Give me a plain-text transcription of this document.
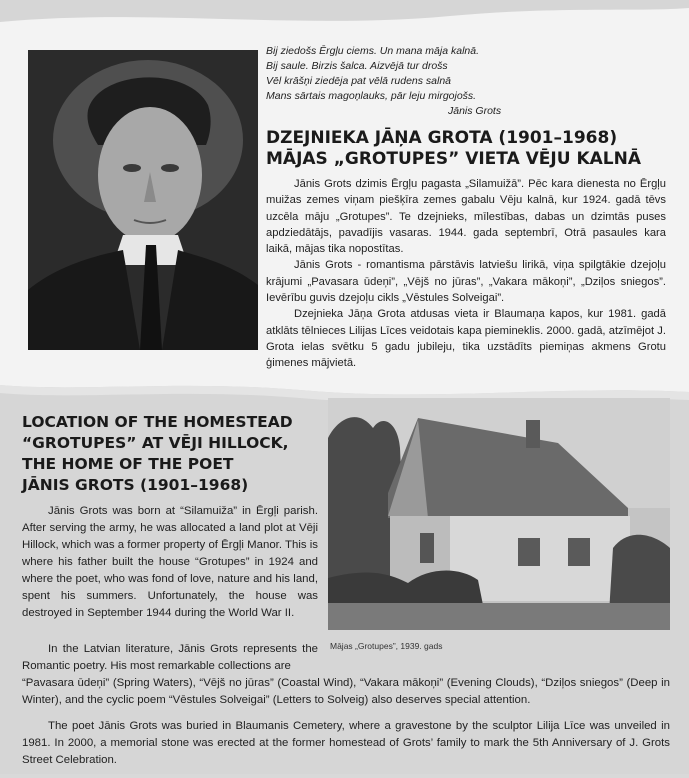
Bij ziedošs Ērgļu ciems. Un mana māja kalnā.
Bij saule. Birzis šalca. Aizvējā tur drošs
Vēl krāšņi ziedēja pat vēlā rudens salnā
Mans sārtais magoņlauks, pār leju mirgojošs.
Jānis Grots
DZEJNIEKA JĀŅA GROTA (1901–1968)
MĀJAS „GROTUPES” VIETA VĒJU KALNĀ

Jānis Grots dzimis Ērgļu pagasta „Silamuižā”. Pēc kara dienesta no Ērgļu muižas zemes viņam piešķīra zemes gabalu Vēju kalnā, kur 1924. gadā tēvs uzcēla māju „Grotupes”. Te dzejnieks, mīlestības, dabas un dzimtās puses apdziedātājs, pavadījis vasaras. 1944. gada septembrī, Otrā pasaules kara laikā, mājas tika nopostītas.

Jānis Grots - romantisma pārstāvis latviešu lirikā, viņa spilgtākie dzejoļu krājumi „Pavasara ūdeņi”, „Vējš no jūras”, „Vakara mākoņi”, „Dziļos sniegos”. Ievērību guvis dzejoļu cikls „Vēstules Solveigai”.

Dzejnieka Jāņa Grota atdusas vieta ir Blaumaņa kapos, kur 1981. gadā atklāts tēlnieces Lilijas Līces veidotais kapa piemineklis. 2000. gadā, atzīmējot J. Grota ielas svētku 5 gadu jubileju, tika uzstādīts piemiņas akmens Grotu ģimenes mājvietā.

LOCATION OF THE HOMESTEAD
“GROTUPES” AT VĒJI HILLOCK,
THE HOME OF THE POET
JĀNIS GROTS (1901–1968)

Jānis Grots was born at “Silamuiža” in Ērgļi parish. After serving the army, he was allocated a land plot at Vēji Hillock, which was a former property of Ērgļi Manor. This is where his father built the house “Grotupes” in 1924 and where the poet, who was fond of love, nature and his land, spent his summers. Unfortunately, the house was destroyed in September 1944 during the World War II.

Mājas „Grotupes”, 1939. gads

In the Latvian literature, Jānis Grots represents the Romantic poetry. His most remarkable collections are

“Pavasara ūdeņi” (Spring Waters), “Vējš no jūras” (Coastal Wind), “Vakara mākoņi” (Evening Clouds), “Dziļos sniegos” (Deep in Winter), and the cyclic poem “Vēstules Solveigai” (Letters to Solveig) also deserves special attention.

The poet Jānis Grots was buried in Blaumanis Cemetery, where a gravestone by the sculptor Lilija Līce was unveiled in 1981. In 2000, a memorial stone was erected at the former homestead of Grots’ family to mark the 5th Anniversary of J. Grots Street Celebration.
